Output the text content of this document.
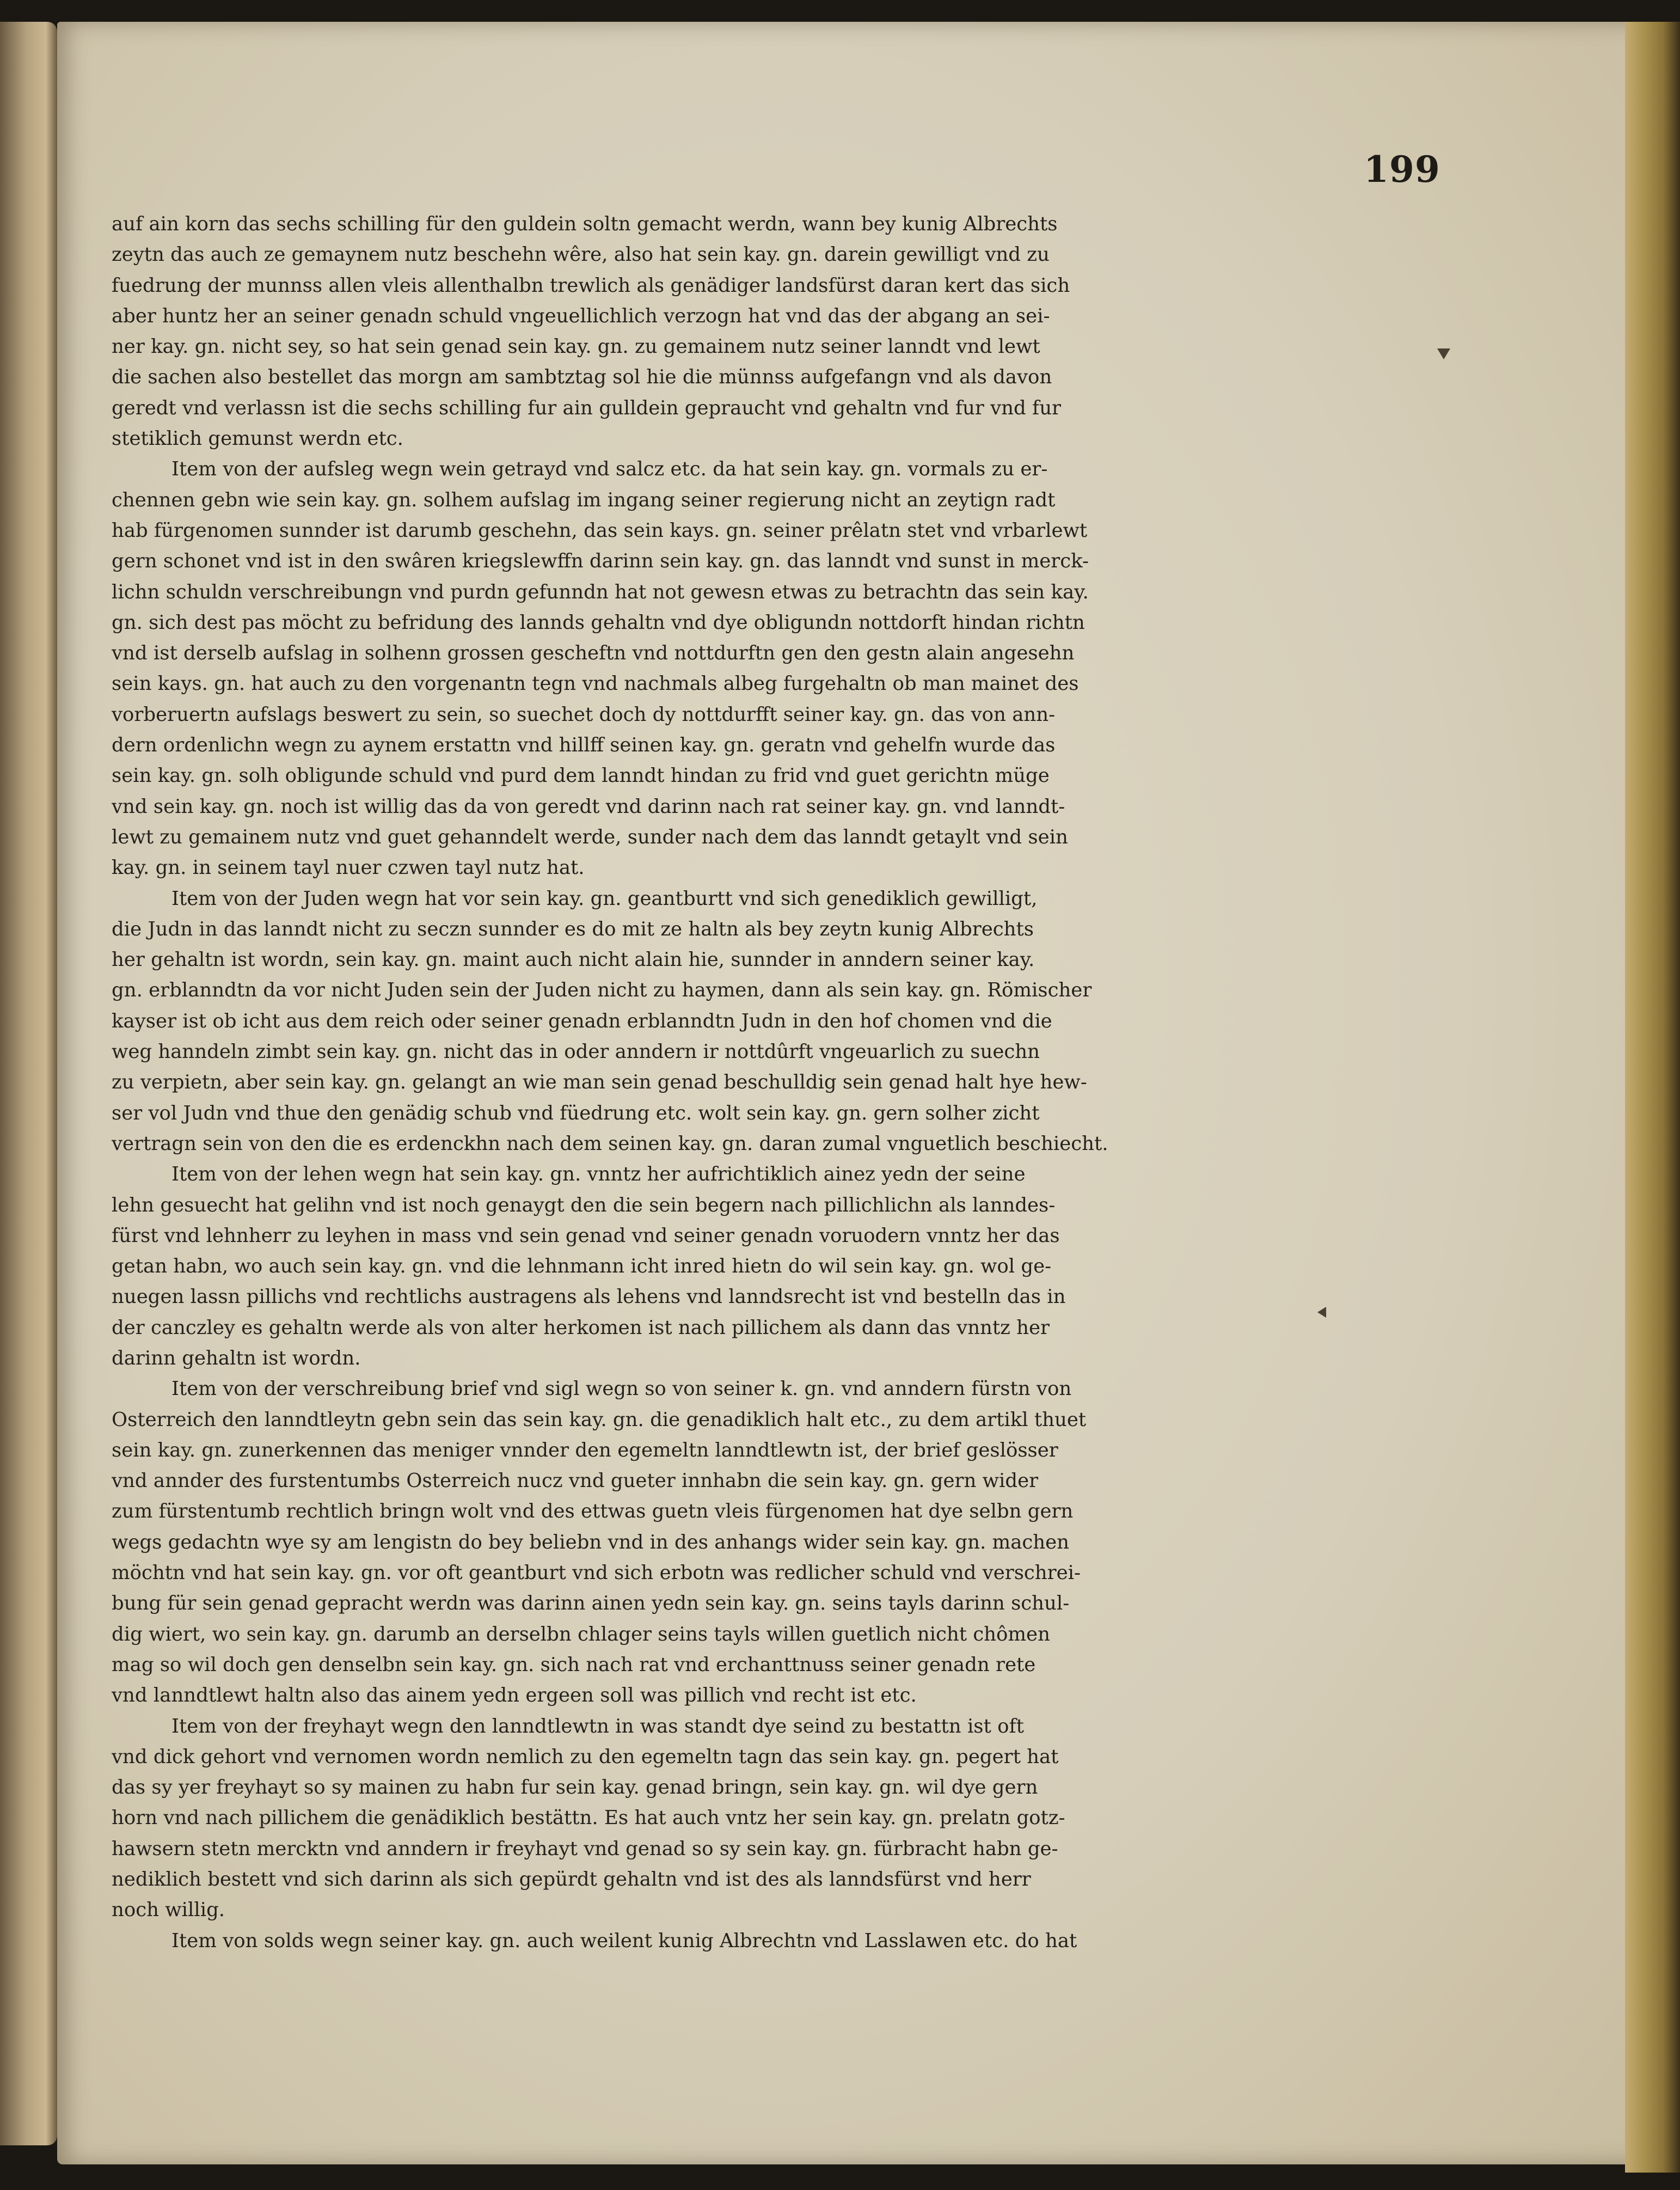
199
auf ain korn das sechs schilling für den guldein soltn gemacht werdn, wann bey kunig Albrechts
zeytn das auch ze gemaynem nutz beschehn wêre, also hat sein kay. gn. darein gewilligt vnd zu
fuedrung der munnss allen vleis allenthalbn trewlich als genädiger landsfürst daran kert das sich
aber huntz her an seiner genadn schuld vngeuellichlich verzogn hat vnd das der abgang an sei-
ner kay. gn. nicht sey, so hat sein genad sein kay. gn. zu gemainem nutz seiner lanndt vnd lewt
die sachen also bestellet das morgn am sambtztag sol hie die münnss aufgefangn vnd als davon
geredt vnd verlassn ist die sechs schilling fur ain gulldein gepraucht vnd gehaltn vnd fur vnd fur
stetiklich gemunst werdn etc.
Item von der aufsleg wegn wein getrayd vnd salcz etc. da hat sein kay. gn. vormals zu er-
chennen gebn wie sein kay. gn. solhem aufslag im ingang seiner regierung nicht an zeytign radt
hab fürgenomen sunnder ist darumb geschehn, das sein kays. gn. seiner prêlatn stet vnd vrbarlewt
gern schonet vnd ist in den swâren kriegslewffn darinn sein kay. gn. das lanndt vnd sunst in merck-
lichn schuldn verschreibungn vnd purdn gefunndn hat not gewesn etwas zu betrachtn das sein kay.
gn. sich dest pas möcht zu befridung des lannds gehaltn vnd dye obligundn nottdorft hindan richtn
vnd ist derselb aufslag in solhenn grossen gescheftn vnd nottdurftn gen den gestn alain angesehn
sein kays. gn. hat auch zu den vorgenantn tegn vnd nachmals albeg furgehaltn ob man mainet des
vorberuertn aufslags beswert zu sein, so suechet doch dy nottdurfft seiner kay. gn. das von ann-
dern ordenlichn wegn zu aynem erstattn vnd hillff seinen kay. gn. geratn vnd gehelfn wurde das
sein kay. gn. solh obligunde schuld vnd purd dem lanndt hindan zu frid vnd guet gerichtn müge
vnd sein kay. gn. noch ist willig das da von geredt vnd darinn nach rat seiner kay. gn. vnd lanndt-
lewt zu gemainem nutz vnd guet gehanndelt werde, sunder nach dem das lanndt getaylt vnd sein
kay. gn. in seinem tayl nuer czwen tayl nutz hat.
Item von der Juden wegn hat vor sein kay. gn. geantburtt vnd sich genediklich gewilligt,
die Judn in das lanndt nicht zu seczn sunnder es do mit ze haltn als bey zeytn kunig Albrechts
her gehaltn ist wordn, sein kay. gn. maint auch nicht alain hie, sunnder in anndern seiner kay.
gn. erblanndtn da vor nicht Juden sein der Juden nicht zu haymen, dann als sein kay. gn. Römischer
kayser ist ob icht aus dem reich oder seiner genadn erblanndtn Judn in den hof chomen vnd die
weg hanndeln zimbt sein kay. gn. nicht das in oder anndern ir nottdûrft vngeuarlich zu suechn
zu verpietn, aber sein kay. gn. gelangt an wie man sein genad beschulldig sein genad halt hye hew-
ser vol Judn vnd thue den genädig schub vnd füedrung etc. wolt sein kay. gn. gern solher zicht
vertragn sein von den die es erdenckhn nach dem seinen kay. gn. daran zumal vnguetlich beschiecht.
Item von der lehen wegn hat sein kay. gn. vnntz her aufrichtiklich ainez yedn der seine
lehn gesuecht hat gelihn vnd ist noch genaygt den die sein begern nach pillichlichn als lanndes-
fürst vnd lehnherr zu leyhen in mass vnd sein genad vnd seiner genadn voruodern vnntz her das
getan habn, wo auch sein kay. gn. vnd die lehnmann icht inred hietn do wil sein kay. gn. wol ge-
nuegen lassn pillichs vnd rechtlichs austragens als lehens vnd lanndsrecht ist vnd bestelln das in
der canczley es gehaltn werde als von alter herkomen ist nach pillichem als dann das vnntz her
darinn gehaltn ist wordn.
Item von der verschreibung brief vnd sigl wegn so von seiner k. gn. vnd anndern fürstn von
Osterreich den lanndtleytn gebn sein das sein kay. gn. die genadiklich halt etc., zu dem artikl thuet
sein kay. gn. zunerkennen das meniger vnnder den egemeltn lanndtlewtn ist, der brief geslösser
vnd annder des furstentumbs Osterreich nucz vnd gueter innhabn die sein kay. gn. gern wider
zum fürstentumb rechtlich bringn wolt vnd des ettwas guetn vleis fürgenomen hat dye selbn gern
wegs gedachtn wye sy am lengistn do bey beliebn vnd in des anhangs wider sein kay. gn. machen
möchtn vnd hat sein kay. gn. vor oft geantburt vnd sich erbotn was redlicher schuld vnd verschrei-
bung für sein genad gepracht werdn was darinn ainen yedn sein kay. gn. seins tayls darinn schul-
dig wiert, wo sein kay. gn. darumb an derselbn chlager seins tayls willen guetlich nicht chômen
mag so wil doch gen denselbn sein kay. gn. sich nach rat vnd erchanttnuss seiner genadn rete
vnd lanndtlewt haltn also das ainem yedn ergeen soll was pillich vnd recht ist etc.
Item von der freyhayt wegn den lanndtlewtn in was standt dye seind zu bestattn ist oft
vnd dick gehort vnd vernomen wordn nemlich zu den egemeltn tagn das sein kay. gn. pegert hat
das sy yer freyhayt so sy mainen zu habn fur sein kay. genad bringn, sein kay. gn. wil dye gern
horn vnd nach pillichem die genädiklich bestättn. Es hat auch vntz her sein kay. gn. prelatn gotz-
hawsern stetn mercktn vnd anndern ir freyhayt vnd genad so sy sein kay. gn. fürbracht habn ge-
nediklich bestett vnd sich darinn als sich gepürdt gehaltn vnd ist des als lanndsfürst vnd herr
noch willig.
Item von solds wegn seiner kay. gn. auch weilent kunig Albrechtn vnd Lasslawen etc. do hat
